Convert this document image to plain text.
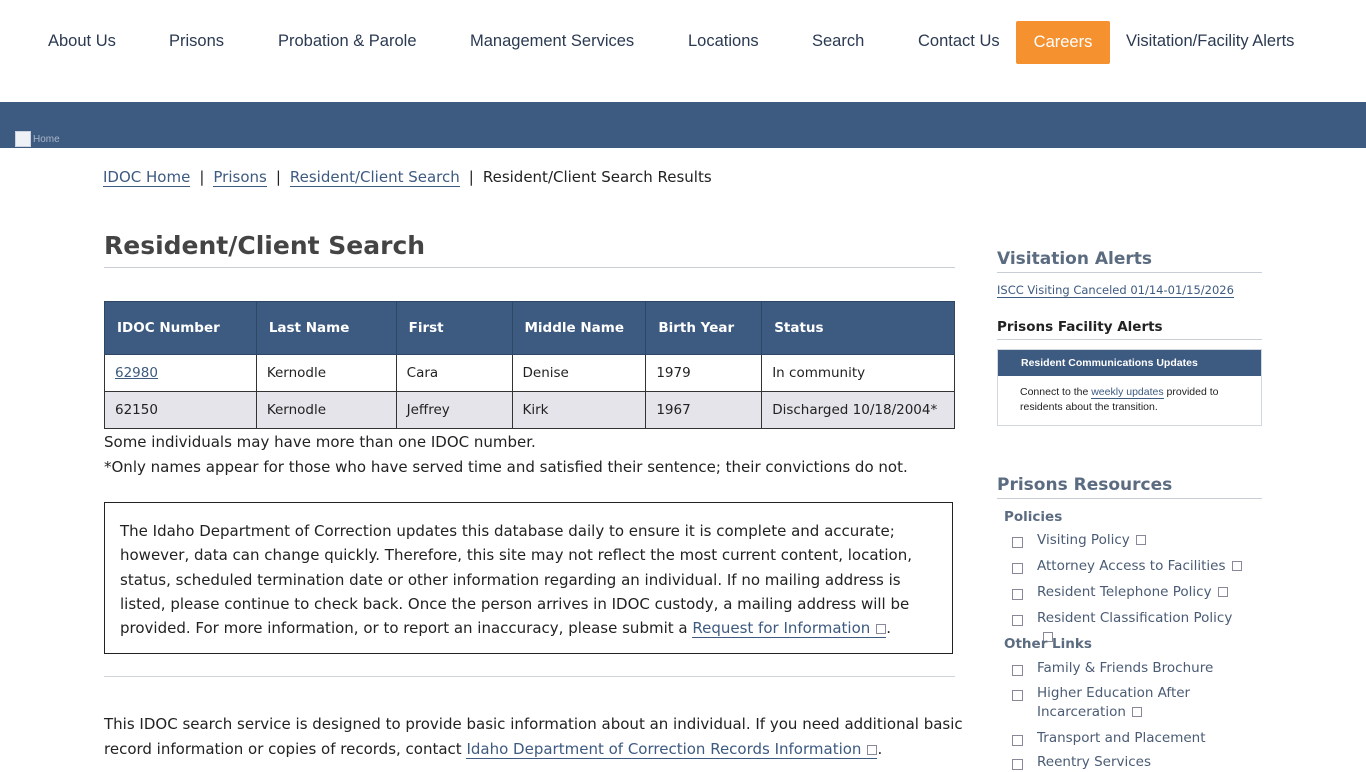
About Us	Prisons	Probation & Parole	Management Services	Locations	Search	Contact Us	Careers	Visitation/Facility Alerts
Home
IDOC Home | Prisons | Resident/Client Search | Resident/Client Search Results
Resident/Client Search
IDOC Number	Last Name	First	Middle Name	Birth Year	Status
62980	Kernodle	Cara	Denise	1979	In community
62150	Kernodle	Jeffrey	Kirk	1967	Discharged 10/18/2004*
Some individuals may have more than one IDOC number.
*Only names appear for those who have served time and satisfied their sentence; their convictions do not.
The Idaho Department of Correction updates this database daily to ensure it is complete and accurate; however, data can change quickly. Therefore, this site may not reflect the most current content, location, status, scheduled termination date or other information regarding an individual. If no mailing address is listed, please continue to check back. Once the person arrives in IDOC custody, a mailing address will be provided. For more information, or to report an inaccuracy, please submit a Request for Information .
This IDOC search service is designed to provide basic information about an individual. If you need additional basic record information or copies of records, contact Idaho Department of Correction Records Information .
Visitation Alerts
ISCC Visiting Canceled 01/14-01/15/2026
Prisons Facility Alerts
Resident Communications Updates
Connect to the weekly updates provided to residents about the transition.
Prisons Resources
Policies
Visiting Policy
Attorney Access to Facilities
Resident Telephone Policy
Resident Classification Policy
Other Links
Family & Friends Brochure
Higher Education After Incarceration
Transport and Placement
Reentry Services
